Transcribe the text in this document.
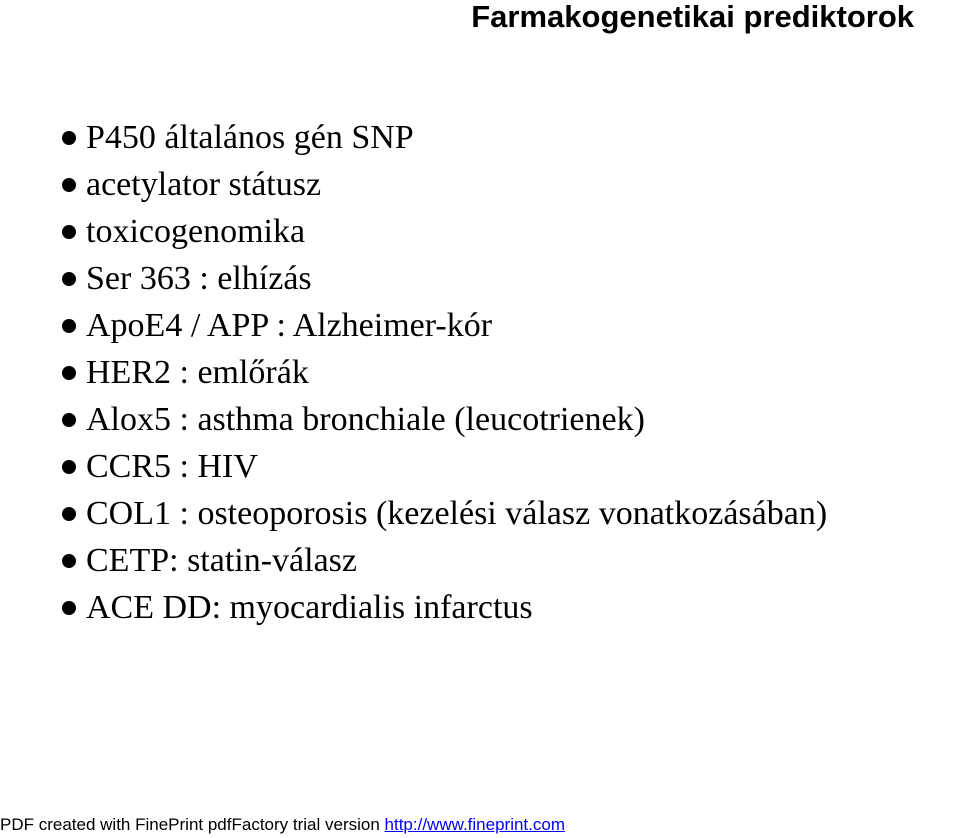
Farmakogenetikai prediktorok
P450 általános gén SNP
acetylator státusz
toxicogenomika
Ser 363 : elhízás
ApoE4 / APP : Alzheimer-kór
HER2 : emlőrák
Alox5 : asthma bronchiale (leucotrienek)
CCR5 : HIV
COL1 : osteoporosis (kezelési válasz vonatkozásában)
CETP: statin-válasz
ACE DD: myocardialis infarctus
PDF created with FinePrint pdfFactory trial version http://www.fineprint.com
